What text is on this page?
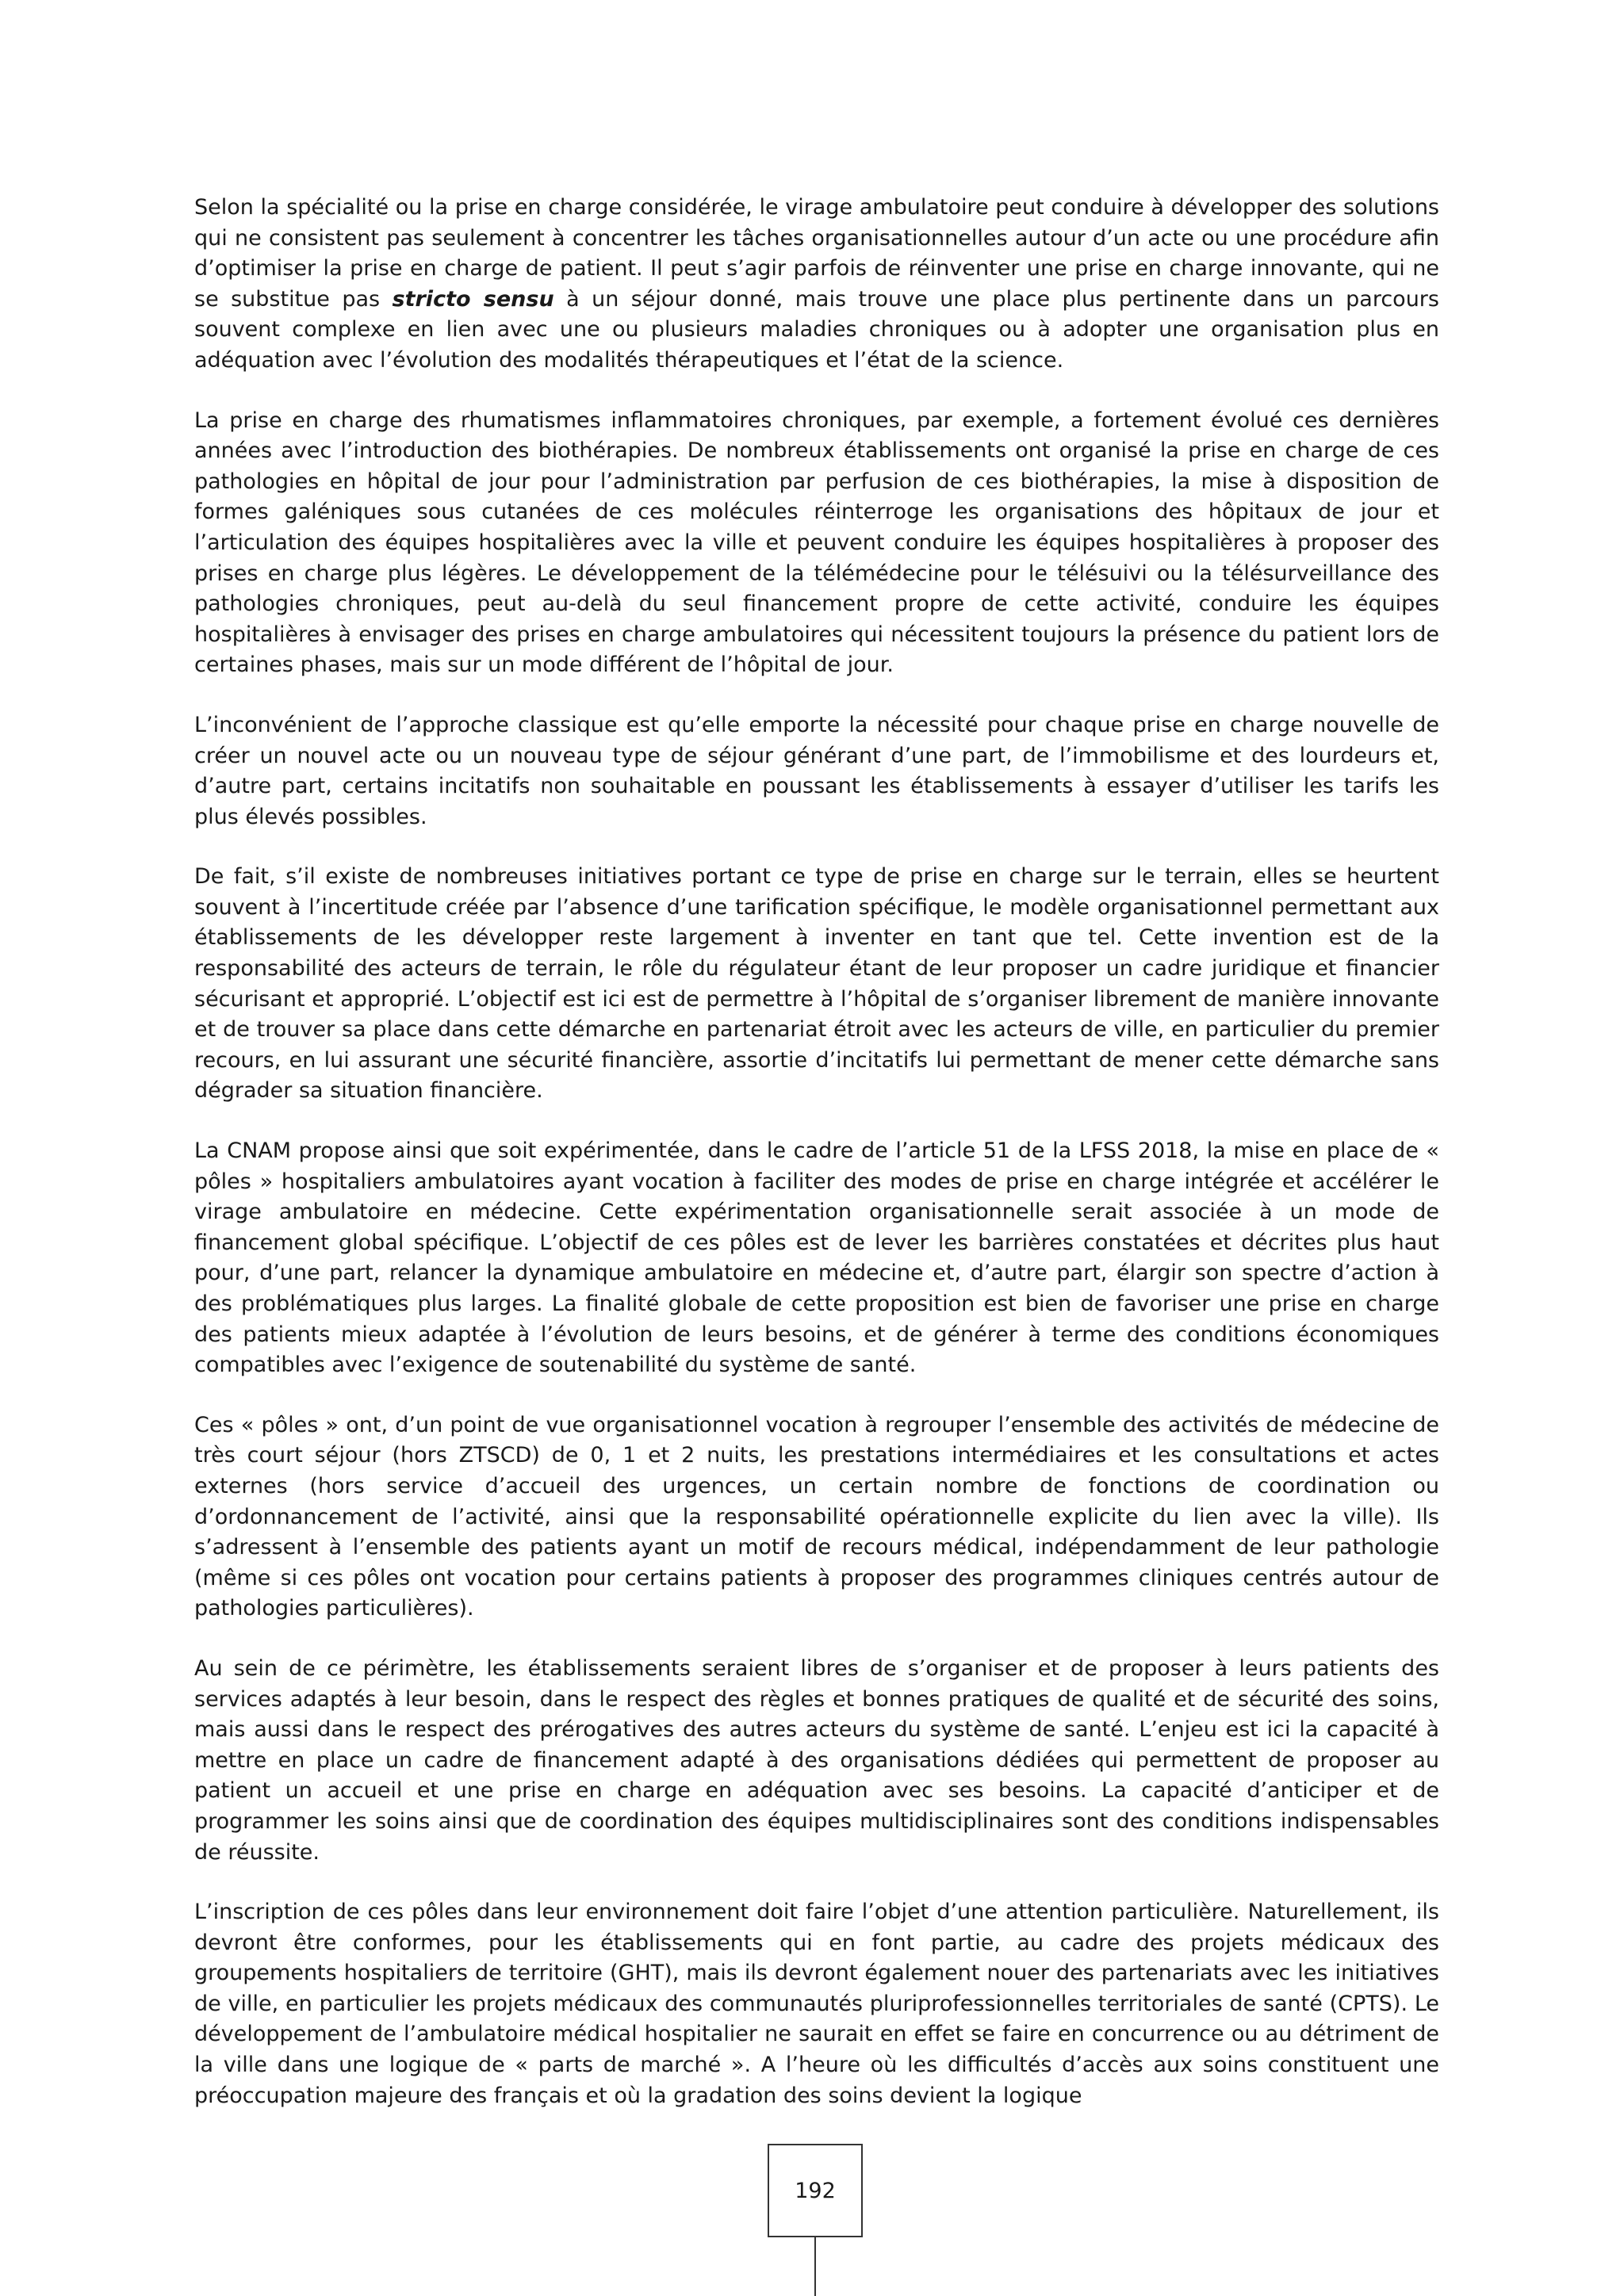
Selon la spécialité ou la prise en charge considérée, le virage ambulatoire peut conduire à développer des solutions qui ne consistent pas seulement à concentrer les tâches organisationnelles autour d’un acte ou une procédure afin d’optimiser la prise en charge de patient. Il peut s’agir parfois de réinventer une prise en charge innovante, qui ne se substitue pas stricto sensu à un séjour donné, mais trouve une place plus pertinente dans un parcours souvent complexe en lien avec une ou plusieurs maladies chroniques ou à adopter une organisation plus en adéquation avec l’évolution des modalités thérapeutiques et l’état de la science.

La prise en charge des rhumatismes inflammatoires chroniques, par exemple, a fortement évolué ces dernières années avec l’introduction des biothérapies. De nombreux établissements ont organisé la prise en charge de ces pathologies en hôpital de jour pour l’administration par perfusion de ces biothérapies, la mise à disposition de formes galéniques sous cutanées de ces molécules réinterroge les organisations des hôpitaux de jour et l’articulation des équipes hospitalières avec la ville et peuvent conduire les équipes hospitalières à proposer des prises en charge plus légères. Le développement de la télémédecine pour le télésuivi ou la télésurveillance des pathologies chroniques, peut au-delà du seul financement propre de cette activité, conduire les équipes hospitalières à envisager des prises en charge ambulatoires qui nécessitent toujours la présence du patient lors de certaines phases, mais sur un mode différent de l’hôpital de jour.

L’inconvénient de l’approche classique est qu’elle emporte la nécessité pour chaque prise en charge nouvelle de créer un nouvel acte ou un nouveau type de séjour générant d’une part, de l’immobilisme et des lourdeurs et, d’autre part, certains incitatifs non souhaitable en poussant les établissements à essayer d’utiliser les tarifs les plus élevés possibles.

De fait, s’il existe de nombreuses initiatives portant ce type de prise en charge sur le terrain, elles se heurtent souvent à l’incertitude créée par l’absence d’une tarification spécifique, le modèle organisationnel permettant aux établissements de les développer reste largement à inventer en tant que tel. Cette invention est de la responsabilité des acteurs de terrain, le rôle du régulateur étant de leur proposer un cadre juridique et financier sécurisant et approprié. L’objectif est ici est de permettre à l’hôpital de s’organiser librement de manière innovante et de trouver sa place dans cette démarche en partenariat étroit avec les acteurs de ville, en particulier du premier recours, en lui assurant une sécurité financière, assortie d’incitatifs lui permettant de mener cette démarche sans dégrader sa situation financière.

La CNAM propose ainsi que soit expérimentée, dans le cadre de l’article 51 de la LFSS 2018, la mise en place de « pôles » hospitaliers ambulatoires ayant vocation à faciliter des modes de prise en charge intégrée et accélérer le virage ambulatoire en médecine. Cette expérimentation organisationnelle serait associée à un mode de financement global spécifique. L’objectif de ces pôles est de lever les barrières constatées et décrites plus haut pour, d’une part, relancer la dynamique ambulatoire en médecine et, d’autre part, élargir son spectre d’action à des problématiques plus larges. La finalité globale de cette proposition est bien de favoriser une prise en charge des patients mieux adaptée à l’évolution de leurs besoins, et de générer à terme des conditions économiques compatibles avec l’exigence de soutenabilité du système de santé.

Ces « pôles » ont, d’un point de vue organisationnel vocation à regrouper l’ensemble des activités de médecine de très court séjour (hors ZTSCD) de 0, 1 et 2 nuits, les prestations intermédiaires et les consultations et actes externes (hors service d’accueil des urgences, un certain nombre de fonctions de coordination ou d’ordonnancement de l’activité, ainsi que la responsabilité opérationnelle explicite du lien avec la ville). Ils s’adressent à l’ensemble des patients ayant un motif de recours médical, indépendamment de leur pathologie (même si ces pôles ont vocation pour certains patients à proposer des programmes cliniques centrés autour de pathologies particulières).

Au sein de ce périmètre, les établissements seraient libres de s’organiser et de proposer à leurs patients des services adaptés à leur besoin, dans le respect des règles et bonnes pratiques de qualité et de sécurité des soins, mais aussi dans le respect des prérogatives des autres acteurs du système de santé. L’enjeu est ici la capacité à mettre en place un cadre de financement adapté à des organisations dédiées qui permettent de proposer au patient un accueil et une prise en charge en adéquation avec ses besoins. La capacité d’anticiper et de programmer les soins ainsi que de coordination des équipes multidisciplinaires sont des conditions indispensables de réussite.

L’inscription de ces pôles dans leur environnement doit faire l’objet d’une attention particulière. Naturellement, ils devront être conformes, pour les établissements qui en font partie, au cadre des projets médicaux des groupements hospitaliers de territoire (GHT), mais ils devront également nouer des partenariats avec les initiatives de ville, en particulier les projets médicaux des communautés pluriprofessionnelles territoriales de santé (CPTS). Le développement de l’ambulatoire médical hospitalier ne saurait en effet se faire en concurrence ou au détriment de la ville dans une logique de « parts de marché ». A l’heure où les difficultés d’accès aux soins constituent une préoccupation majeure des français et où la gradation des soins devient la logique

192
